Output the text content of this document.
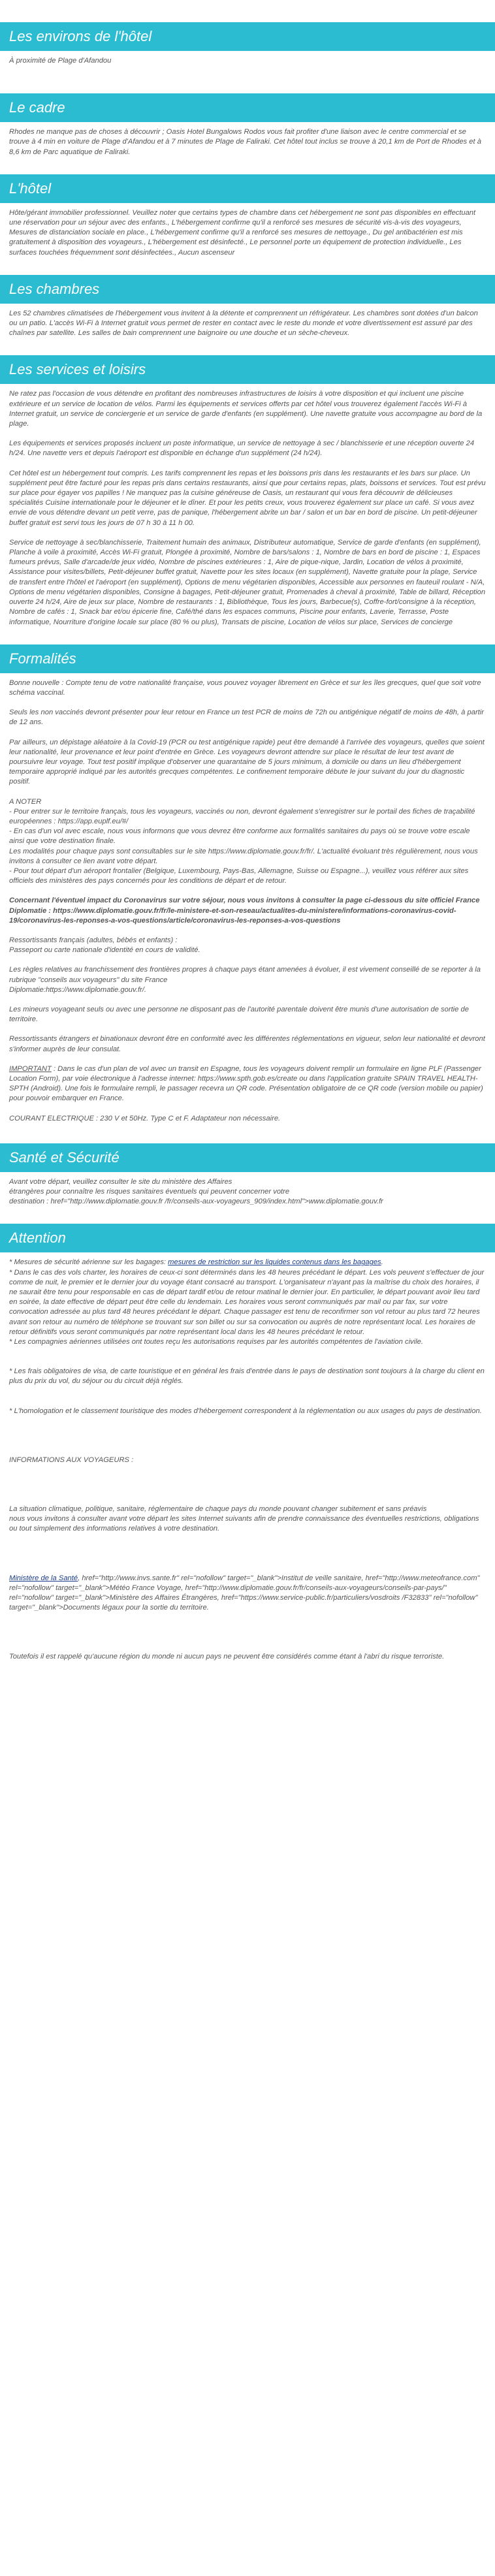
Les environs de l'hôtel

À proximité de Plage d'Afandou

Le cadre

Rhodes ne manque pas de choses à découvrir ; Oasis Hotel Bungalows Rodos vous fait profiter d'une liaison avec le centre commercial et se trouve à 4 min en voiture de Plage d'Afandou et à 7 minutes de Plage de Faliraki. Cet hôtel tout inclus se trouve à 20,1 km de Port de Rhodes et à 8,6 km de Parc aquatique de Faliraki.

L'hôtel

Hôte/gérant immobilier professionnel. Veuillez noter que certains types de chambre dans cet hébergement ne sont pas disponibles en effectuant une réservation pour un séjour avec des enfants., L'hébergement confirme qu'il a renforcé ses mesures de sécurité vis-à-vis des voyageurs, Mesures de distanciation sociale en place., L'hébergement confirme qu'il a renforcé ses mesures de nettoyage., Du gel antibactérien est mis gratuitement à disposition des voyageurs., L'hébergement est désinfecté., Le personnel porte un équipement de protection individuelle., Les surfaces touchées fréquemment sont désinfectées., Aucun ascenseur

Les chambres

Les 52 chambres climatisées de l'hébergement vous invitent à la détente et comprennent un réfrigérateur. Les chambres sont dotées d'un balcon ou un patio. L'accès Wi-Fi à Internet gratuit vous permet de rester en contact avec le reste du monde et votre divertissement est assuré par des chaînes par satellite. Les salles de bain comprennent une baignoire ou une douche et un sèche-cheveux.

Les services et loisirs

Ne ratez pas l'occasion de vous détendre en profitant des nombreuses infrastructures de loisirs à votre disposition et qui incluent une piscine extérieure et un service de location de vélos. Parmi les équipements et services offerts par cet hôtel vous trouverez également l'accès Wi-Fi à Internet gratuit, un service de conciergerie et un service de garde d'enfants (en supplément). Une navette gratuite vous accompagne au bord de la plage.

Les équipements et services proposés incluent un poste informatique, un service de nettoyage à sec / blanchisserie et une réception ouverte 24 h/24. Une navette vers et depuis l'aéroport est disponible en échange d'un supplément (24 h/24).

Cet hôtel est un hébergement tout compris. Les tarifs comprennent les repas et les boissons pris dans les restaurants et les bars sur place. Un supplément peut être facturé pour les repas pris dans certains restaurants, ainsi que pour certains repas, plats, boissons et services. Tout est prévu sur place pour égayer vos papilles ! Ne manquez pas la cuisine généreuse de Oasis, un restaurant qui vous fera découvrir de délicieuses spécialités Cuisine internationale pour le déjeuner et le dîner. Et pour les petits creux, vous trouverez également sur place un café. Si vous avez envie de vous détendre devant un petit verre, pas de panique, l'hébergement abrite un bar / salon et un bar en bord de piscine. Un petit-déjeuner buffet gratuit est servi tous les jours de 07 h 30 à 11 h 00.

Service de nettoyage à sec/blanchisserie, Traitement humain des animaux, Distributeur automatique, Service de garde d'enfants (en supplément), Planche à voile à proximité, Accès Wi-Fi gratuit, Plongée à proximité, Nombre de bars/salons : 1, Nombre de bars en bord de piscine : 1, Espaces fumeurs prévus, Salle d'arcade/de jeux vidéo, Nombre de piscines extérieures : 1, Aire de pique-nique, Jardin, Location de vélos à proximité, Assistance pour visites/billets, Petit-déjeuner buffet gratuit, Navette pour les sites locaux (en supplément), Navette gratuite pour la plage, Service de transfert entre l'hôtel et l'aéroport (en supplément), Options de menu végétarien disponibles, Accessible aux personnes en fauteuil roulant - N/A, Options de menu végétarien disponibles, Consigne à bagages, Petit-déjeuner gratuit, Promenades à cheval à proximité, Table de billard, Réception ouverte 24 h/24, Aire de jeux sur place, Nombre de restaurants : 1, Bibliothèque, Tous les jours, Barbecue(s), Coffre-fort/consigne à la réception, Nombre de cafés : 1, Snack bar et/ou épicerie fine, Café/thé dans les espaces communs, Piscine pour enfants, Laverie, Terrasse, Poste informatique, Nourriture d'origine locale sur place (80 % ou plus), Transats de piscine, Location de vélos sur place, Services de concierge

Formalités

Bonne nouvelle : Compte tenu de votre nationalité française, vous pouvez voyager librement en Grèce et sur les îles grecques, quel que soit votre schéma vaccinal.

Seuls les non vaccinés devront présenter pour leur retour en France un test PCR de moins de 72h ou antigénique négatif de moins de 48h, à partir de 12 ans.

Par ailleurs, un dépistage aléatoire à la Covid-19 (PCR ou test antigénique rapide) peut être demandé à l'arrivée des voyageurs, quelles que soient leur nationalité, leur provenance et leur point d'entrée en Grèce. Les voyageurs devront attendre sur place le résultat de leur test avant de poursuivre leur voyage. Tout test positif implique d'observer une quarantaine de 5 jours minimum, à domicile ou dans un lieu d'hébergement temporaire approprié indiqué par les autorités grecques compétentes. Le confinement temporaire débute le jour suivant du jour du diagnostic positif.

A NOTER

- Pour entrer sur le territoire français, tous les voyageurs, vaccinés ou non, devront également s'enregistrer sur le portail des fiches de traçabilité européennes : https://app.euplf.eu/#/

- En cas d'un vol avec escale, nous vous informons que vous devrez être conforme aux formalités sanitaires du pays où se trouve votre escale ainsi que votre destination finale.

Les modalités pour chaque pays sont consultables sur le site https://www.diplomatie.gouv.fr/fr/. L'actualité évoluant très régulièrement, nous vous invitons à consulter ce lien avant votre départ.

- Pour tout départ d'un aéroport frontalier (Belgique, Luxembourg, Pays-Bas, Allemagne, Suisse ou Espagne...), veuillez vous référer aux sites officiels des ministères des pays concernés pour les conditions de départ et de retour.

Concernant l'éventuel impact du Coronavirus sur votre séjour, nous vous invitons à consulter la page ci-dessous du site officiel France Diplomatie : https://www.diplomatie.gouv.fr/fr/le-ministere-et-son-reseau/actualites-du-ministere/informations-coronavirus-covid-19/coronavirus-les-reponses-a-vos-questions/article/coronavirus-les-reponses-a-vos-questions

Ressortissants français (adultes, bébés et enfants) :

Passeport ou carte nationale d'identité en cours de validité.

Les règles relatives au franchissement des frontières propres à chaque pays étant amenées à évoluer, il est vivement conseillé de se reporter à la rubrique "conseils aux voyageurs" du site France

Diplomatie:https://www.diplomatie.gouv.fr/.

Les mineurs voyageant seuls ou avec une personne ne disposant pas de l'autorité parentale doivent être munis d'une autorisation de sortie de territoire.

Ressortissants étrangers et binationaux devront être en conformité avec les différentes réglementations en vigueur, selon leur nationalité et devront s'informer auprès de leur consulat.

IMPORTANT : Dans le cas d'un plan de vol avec un transit en Espagne, tous les voyageurs doivent remplir un formulaire en ligne PLF (Passenger Location Form), par voie électronique à l'adresse internet: https://www.spth.gob.es/create ou dans l'application gratuite SPAIN TRAVEL HEALTH-SPTH (Android). Une fois le formulaire rempli, le passager recevra un QR code. Présentation obligatoire de ce QR code (version mobile ou papier) pour pouvoir embarquer en France.

COURANT ELECTRIQUE : 230 V et 50Hz. Type C et F. Adaptateur non nécessaire.

Santé et Sécurité

Avant votre départ, veuillez consulter le site du ministère des Affaires

étrangères pour connaître les risques sanitaires éventuels qui peuvent concerner votre

destination : href="http://www.diplomatie.gouv.fr /fr/conseils-aux-voyageurs_909/index.html">www.diplomatie.gouv.fr

Attention

* Mesures de sécurité aérienne sur les bagages: mesures de restriction sur les liquides contenus dans les bagages.

* Dans le cas des vols charter, les horaires de ceux-ci sont déterminés dans les 48 heures précédant le départ. Les vols peuvent s'effectuer de jour comme de nuit, le premier et le dernier jour du voyage étant consacré au transport. L'organisateur n'ayant pas la maîtrise du choix des horaires, il ne saurait être tenu pour responsable en cas de départ tardif et/ou de retour matinal le dernier jour. En particulier, le départ pouvant avoir lieu tard en soirée, la date effective de départ peut être celle du lendemain. Les horaires vous seront communiqués par mail ou par fax, sur votre convocation adressée au plus tard 48 heures précédant le départ. Chaque passager est tenu de reconfirmer son vol retour au plus tard 72 heures avant son retour au numéro de téléphone se trouvant sur son billet ou sur sa convocation ou auprès de notre représentant local. Les horaires de retour définitifs vous seront communiqués par notre représentant local dans les 48 heures précédant le retour.

* Les compagnies aériennes utilisées ont toutes reçu les autorisations requises par les autorités compétentes de l'aviation civile.

* Les frais obligatoires de visa, de carte touristique et en général les frais d'entrée dans le pays de destination sont toujours à la charge du client en plus du prix du vol, du séjour ou du circuit déjà réglés.

* L'homologation et le classement touristique des modes d'hébergement correspondent à la réglementation ou aux usages du pays de destination.

INFORMATIONS AUX VOYAGEURS :

La situation climatique, politique, sanitaire, réglementaire de chaque pays du monde pouvant changer subitement et sans préavis

nous vous invitons à consulter avant votre départ les sites Internet suivants afin de prendre connaissance des éventuelles restrictions, obligations ou tout simplement des informations relatives à votre destination.

Ministère de la Santé, href="http://www.invs.sante.fr" rel="nofollow" target="_blank">Institut de veille sanitaire, href="http://www.meteofrance.com" rel="nofollow" target="_blank">Météo France Voyage, href="http://www.diplomatie.gouv.fr/fr/conseils-aux-voyageurs/conseils-par-pays/" rel="nofollow" target="_blank">Ministère des Affaires Étrangères, href="https://www.service-public.fr/particuliers/vosdroits /F32833" rel="nofollow" target="_blank">Documents légaux pour la sortie du territoire.

Toutefois il est rappelé qu'aucune région du monde ni aucun pays ne peuvent être considérés comme étant à l'abri du risque terroriste.
